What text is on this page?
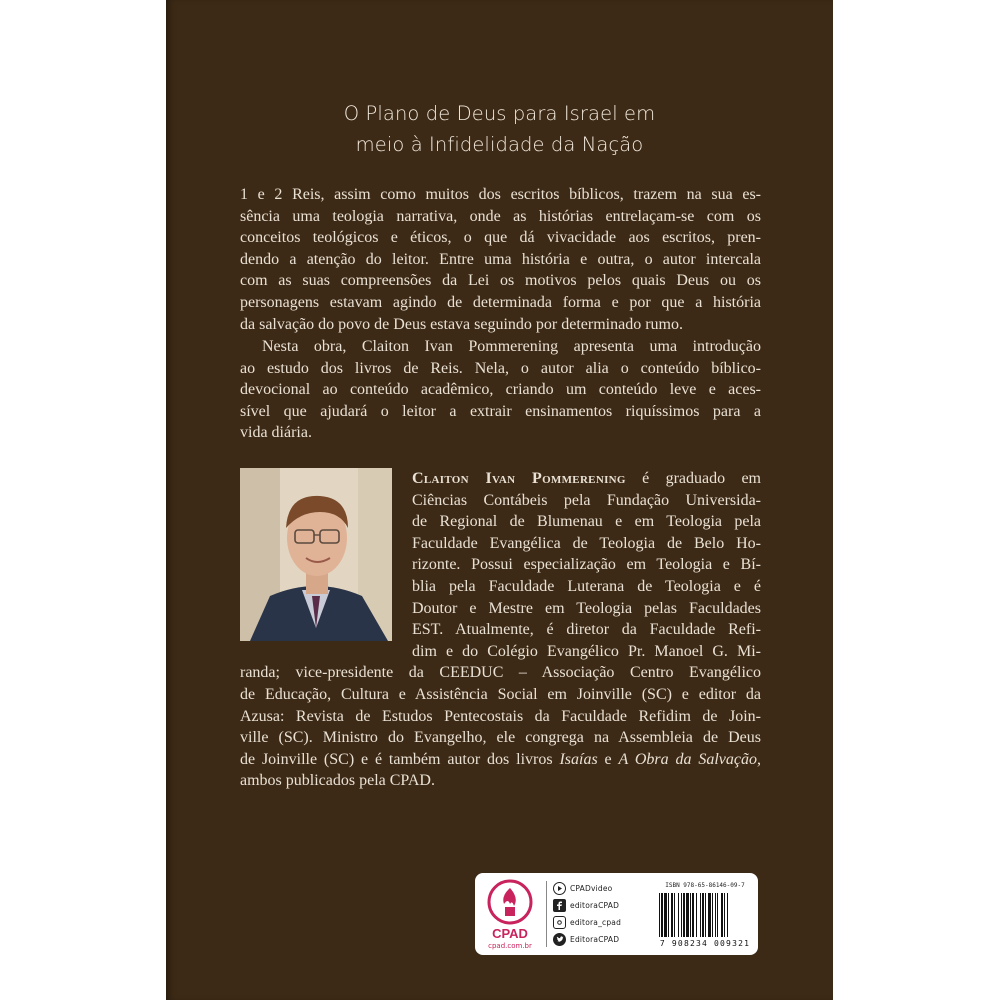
O Plano de Deus para Israel em
meio à Infidelidade da Nação
1 e 2 Reis, assim como muitos dos escritos bíblicos, trazem na sua es-
sência uma teologia narrativa, onde as histórias entrelaçam-se com os
conceitos teológicos e éticos, o que dá vivacidade aos escritos, pren-
dendo a atenção do leitor. Entre uma história e outra, o autor intercala
com as suas compreensões da Lei os motivos pelos quais Deus ou os
personagens estavam agindo de determinada forma e por que a história
da salvação do povo de Deus estava seguindo por determinado rumo.
Nesta obra, Claiton Ivan Pommerening apresenta uma introdução
ao estudo dos livros de Reis. Nela, o autor alia o conteúdo bíblico-
devocional ao conteúdo acadêmico, criando um conteúdo leve e aces-
sível que ajudará o leitor a extrair ensinamentos riquíssimos para a
vida diária.
Claiton Ivan Pommerening é graduado em
Ciências Contábeis pela Fundação Universida-
de Regional de Blumenau e em Teologia pela
Faculdade Evangélica de Teologia de Belo Ho-
rizonte. Possui especialização em Teologia e Bí-
blia pela Faculdade Luterana de Teologia e é
Doutor e Mestre em Teologia pelas Faculdades
EST. Atualmente, é diretor da Faculdade Refi-
dim e do Colégio Evangélico Pr. Manoel G. Mi-
randa; vice-presidente da CEEDUC – Associação Centro Evangélico
de Educação, Cultura e Assistência Social em Joinville (SC) e editor da
Azusa: Revista de Estudos Pentecostais da Faculdade Refidim de Join-
ville (SC). Ministro do Evangelho, ele congrega na Assembleia de Deus
de Joinville (SC) e é também autor dos livros Isaías e A Obra da Salvação,
ambos publicados pela CPAD.
CPAD
cpad.com.br
CPADvideo
editoraCPAD
editora_cpad
EditoraCPAD
ISBN 978-65-86146-09-7
7 908234 009321
